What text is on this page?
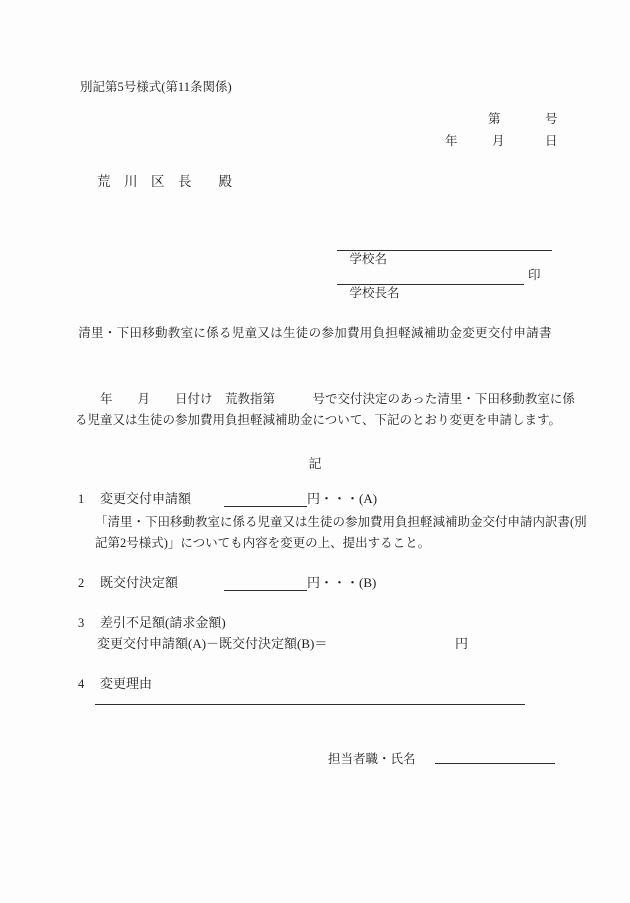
別記第5号様式(第11条関係)
第	号
年	月	日
荒　川　区　長　　殿

学校名

学校長名

印
清里・下田移動教室に係る児童又は生徒の参加費用負担軽減補助金変更交付申請書
　　年　　月　　日付け　荒教指第　　　号で交付決定のあった清里・下田移動教室に係
る児童又は生徒の参加費用負担軽減補助金について、下記のとおり変更を申請します。
記
1 変更交付申請額	円・・・(A)
「清里・下田移動教室に係る児童又は生徒の参加費用負担軽減補助金交付申請内訳書(別
記第2号様式)」についても内容を変更の上、提出すること。
2 既交付決定額	円・・・(B)
3 差引不足額(請求金額)
変更交付申請額(A)－既交付決定額(B)＝	円
4 変更理由
担当者職・氏名
